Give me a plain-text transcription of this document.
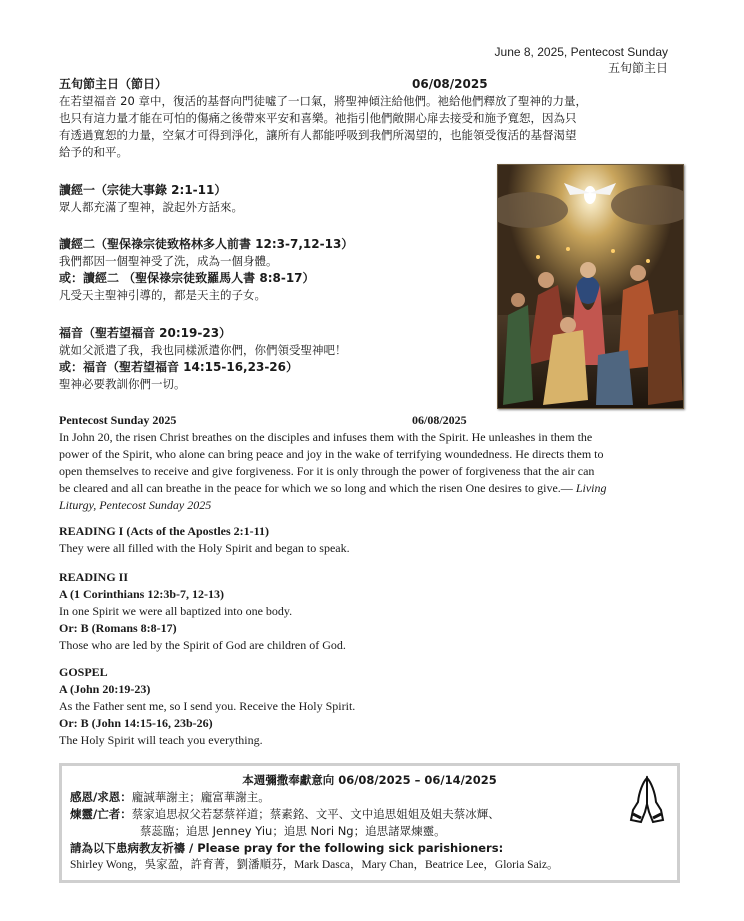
June 8, 2025, Pentecost Sunday
五旬節主日
五旬節主日（節日）	06/08/2025

在若望福音 20 章中，復活的基督向門徒噓了一口氣，將聖神傾注給他們。祂給他們釋放了聖神的力量，

也只有這力量才能在可怕的傷痛之後帶來平安和喜樂。祂指引他們敞開心扉去接受和施予寬恕，因為只

有透過寬恕的力量，空氣才可得到淨化，讓所有人都能呼吸到我們所渴望的，也能領受復活的基督渴望

給予的和平。

讀經一（宗徒大事錄 2:1-11）

眾人都充滿了聖神，說起外方話來。

讀經二（聖保祿宗徒致格林多人前書 12:3-7,12-13）

我們都因一個聖神受了洗，成為一個身體。

或：讀經二 （聖保祿宗徒致羅馬人書 8:8-17）

凡受天主聖神引導的，都是天主的子女。

福音（聖若望福音 20:19-23）

就如父派遣了我，我也同樣派遣你們，你們領受聖神吧！

或：福音（聖若望福音 14:15-16,23-26）

聖神必要教訓你們一切。

Pentecost Sunday 2025	06/08/2025

In John 20, the risen Christ breathes on the disciples and infuses them with the Spirit. He unleashes in them the

power of the Spirit, who alone can bring peace and joy in the wake of terrifying woundedness. He directs them to

open themselves to receive and give forgiveness. For it is only through the power of forgiveness that the air can

be cleared and all can breathe in the peace for which we so long and which the risen One desires to give.— Living

Liturgy, Pentecost Sunday 2025

READING I (Acts of the Apostles 2:1-11)

They were all filled with the Holy Spirit and began to speak.

READING II

A (1 Corinthians 12:3b-7, 12-13)

In one Spirit we were all baptized into one body.

Or: B (Romans 8:8-17)

Those who are led by the Spirit of God are children of God.

GOSPEL

A (John 20:19-23)

As the Father sent me, so I send you. Receive the Holy Spirit.

Or: B (John 14:15-16, 23b-26)

The Holy Spirit will teach you everything.

本週彌撒奉獻意向 06/08/2025 – 06/14/2025
感恩/求恩：龐誠華謝主；龐富華謝主。
煉靈/亡者：蔡家追思叔父若瑟蔡祥道；蔡素銘、文平、文中追思姐姐及姐夫蔡冰輝、
蔡蕊臨；追思 Jenney Yiu；追思 Nori Ng；追思諸眾煉靈。
請為以下患病教友祈禱 / Please pray for the following sick parishioners:
Shirley Wong，吳家盈，許育菁，劉潘順芬，Mark Dasca，Mary Chan，Beatrice Lee，Gloria Saiz。
